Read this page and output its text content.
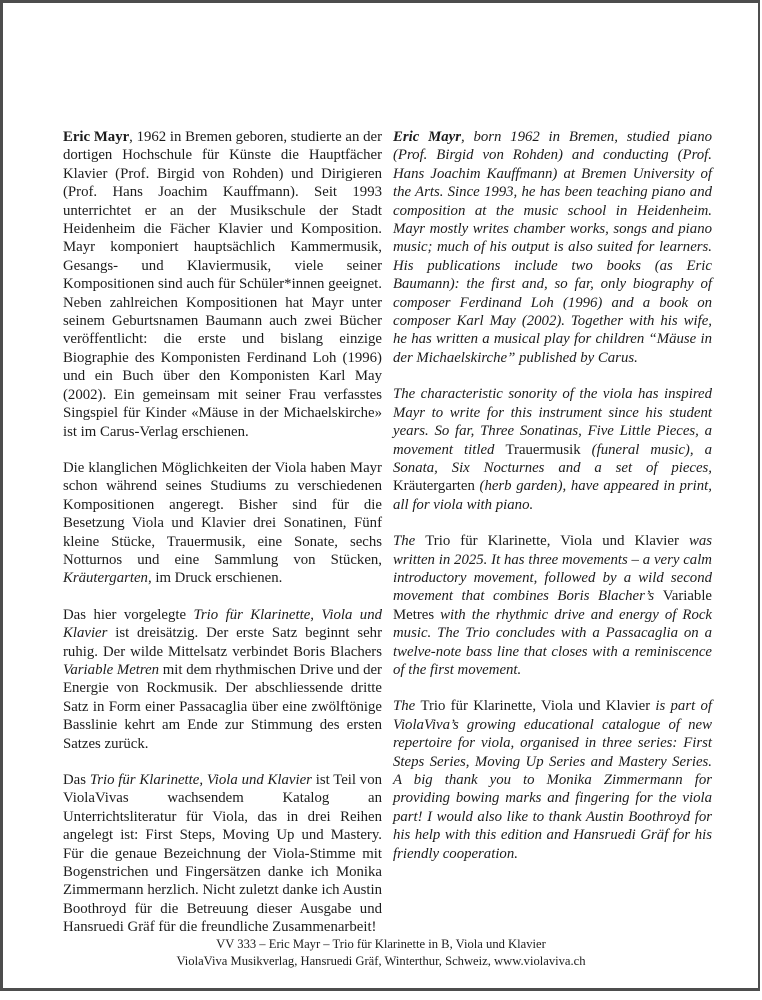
Eric Mayr, 1962 in Bremen geboren, studierte an der dortigen Hochschule für Künste die Hauptfächer Klavier (Prof. Birgid von Rohden) und Dirigieren (Prof. Hans Joachim Kauffmann). Seit 1993 unterrichtet er an der Musikschule der Stadt Heidenheim die Fächer Klavier und Komposition. Mayr komponiert hauptsächlich Kammermusik, Gesangs- und Klaviermusik, viele seiner Kompositionen sind auch für Schüler*innen geeignet. Neben zahlreichen Kompositionen hat Mayr unter seinem Geburtsnamen Baumann auch zwei Bücher veröffentlicht: die erste und bislang einzige Biographie des Komponisten Ferdinand Loh (1996) und ein Buch über den Komponisten Karl May (2002). Ein gemeinsam mit seiner Frau verfasstes Singspiel für Kinder «Mäuse in der Michaelskirche» ist im Carus-Verlag erschienen.

Die klanglichen Möglichkeiten der Viola haben Mayr schon während seines Studiums zu verschiedenen Kompositionen angeregt. Bisher sind für die Besetzung Viola und Klavier drei Sonatinen, Fünf kleine Stücke, Trauermusik, eine Sonate, sechs Notturnos und eine Sammlung von Stücken, Kräutergarten, im Druck erschienen.

Das hier vorgelegte Trio für Klarinette, Viola und Klavier ist dreisätzig. Der erste Satz beginnt sehr ruhig. Der wilde Mittelsatz verbindet Boris Blachers Variable Metren mit dem rhythmischen Drive und der Energie von Rockmusik. Der abschliessende dritte Satz in Form einer Passacaglia über eine zwölftönige Basslinie kehrt am Ende zur Stimmung des ersten Satzes zurück.

Das Trio für Klarinette, Viola und Klavier ist Teil von ViolaVivas wachsendem Katalog an Unterrichtsliteratur für Viola, das in drei Reihen angelegt ist: First Steps, Moving Up und Mastery. Für die genaue Bezeichnung der Viola-Stimme mit Bogenstrichen und Fingersätzen danke ich Monika Zimmermann herzlich. Nicht zuletzt danke ich Austin Boothroyd für die Betreuung dieser Ausgabe und Hansruedi Gräf für die freundliche Zusammenarbeit!

Eric Mayr, born 1962 in Bremen, studied piano (Prof. Birgid von Rohden) and conducting (Prof. Hans Joachim Kauffmann) at Bremen University of the Arts. Since 1993, he has been teaching piano and composition at the music school in Heidenheim. Mayr mostly writes chamber works, songs and piano music; much of his output is also suited for learners. His publications include two books (as Eric Baumann): the first and, so far, only biography of composer Ferdinand Loh (1996) and a book on composer Karl May (2002). Together with his wife, he has written a musical play for children “Mäuse in der Michaelskirche” published by Carus.

The characteristic sonority of the viola has inspired Mayr to write for this instrument since his student years. So far, Three Sonatinas, Five Little Pieces, a movement titled Trauermusik (funeral music), a Sonata, Six Nocturnes and a set of pieces, Kräutergarten (herb garden), have appeared in print, all for viola with piano.

The Trio für Klarinette, Viola und Klavier was written in 2025. It has three movements – a very calm introductory movement, followed by a wild second movement that combines Boris Blacher’s Variable Metres with the rhythmic drive and energy of Rock music. The Trio concludes with a Passacaglia on a twelve-note bass line that closes with a reminiscence of the first movement.

The Trio für Klarinette, Viola und Klavier is part of ViolaViva’s growing educational catalogue of new repertoire for viola, organised in three series: First Steps Series, Moving Up Series and Mastery Series. A big thank you to Monika Zimmermann for providing bowing marks and fingering for the viola part! I would also like to thank Austin Boothroyd for his help with this edition and Hansruedi Gräf for his friendly cooperation.

VV 333 – Eric Mayr – Trio für Klarinette in B, Viola und Klavier
ViolaViva Musikverlag, Hansruedi Gräf, Winterthur, Schweiz, www.violaviva.ch
